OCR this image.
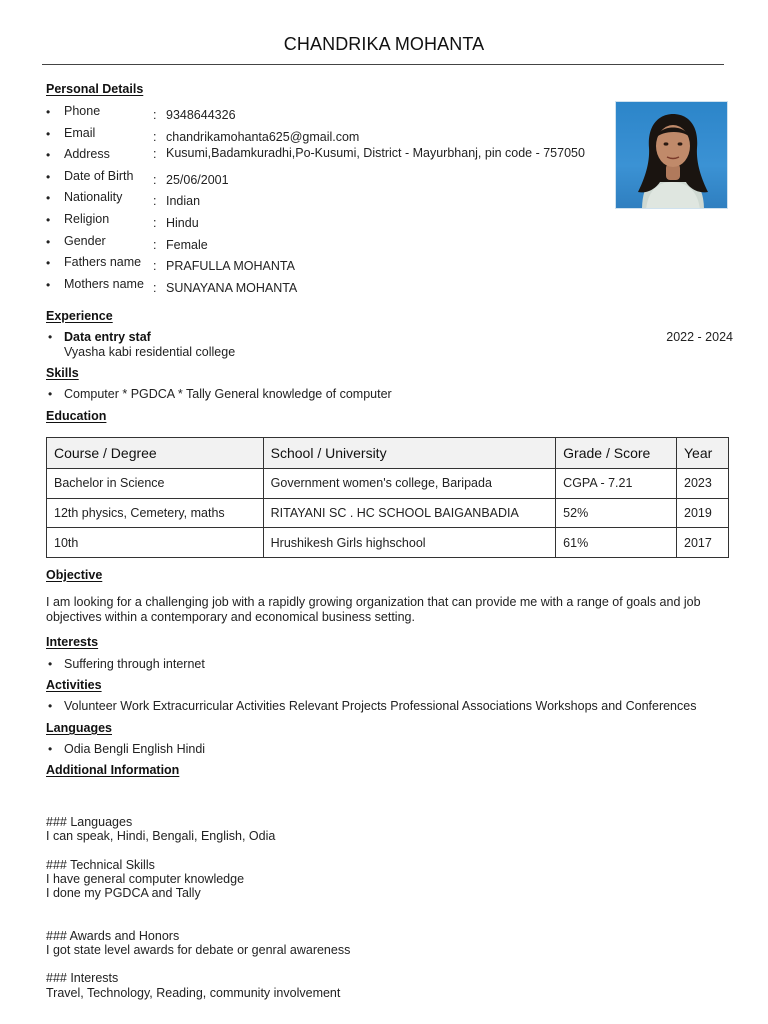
CHANDRIKA MOHANTA
Personal Details
• Phone	: 9348644326
• Email	: chandrikamohanta625@gmail.com
• Address	: Kusumi,Badamkuradhi,Po-Kusumi, District - Mayurbhanj, pin code - 757050
• Date of Birth : 25/06/2001
• Nationality : Indian
• Religion	: Hindu
• Gender	: Female
• Fathers name : PRAFULLA MOHANTA
• Mothers name : SUNAYANA MOHANTA
Experience
• Data entry staf
Vyasha kabi residential college
2022 - 2024
Skills
• Computer * PGDCA * Tally General knowledge of computer
Education
Course / Degree	School / University	Grade / Score	Year
Bachelor in Science	Government women's college, Baripada	CGPA - 7.21	2023
12th physics, Cemetery, maths	RITAYANI SC . HC SCHOOL BAIGANBADIA	52%	2019
10th	Hrushikesh Girls highschool	61%	2017
Objective
I am looking for a challenging job with a rapidly growing organization that can provide me with a range of goals and job objectives within a contemporary and economical business setting.
Interests
• Suffering through internet
Activities
• Volunteer Work Extracurricular Activities Relevant Projects Professional Associations Workshops and Conferences
Languages
• Odia Bengli English Hindi
Additional Information

### Languages
I can speak, Hindi, Bengali, English, Odia

### Technical Skills
I have general computer knowledge
I done my PGDCA and Tally

### Awards and Honors
I got state level awards for debate or genral awareness

### Interests
Travel, Technology, Reading, community involvement
